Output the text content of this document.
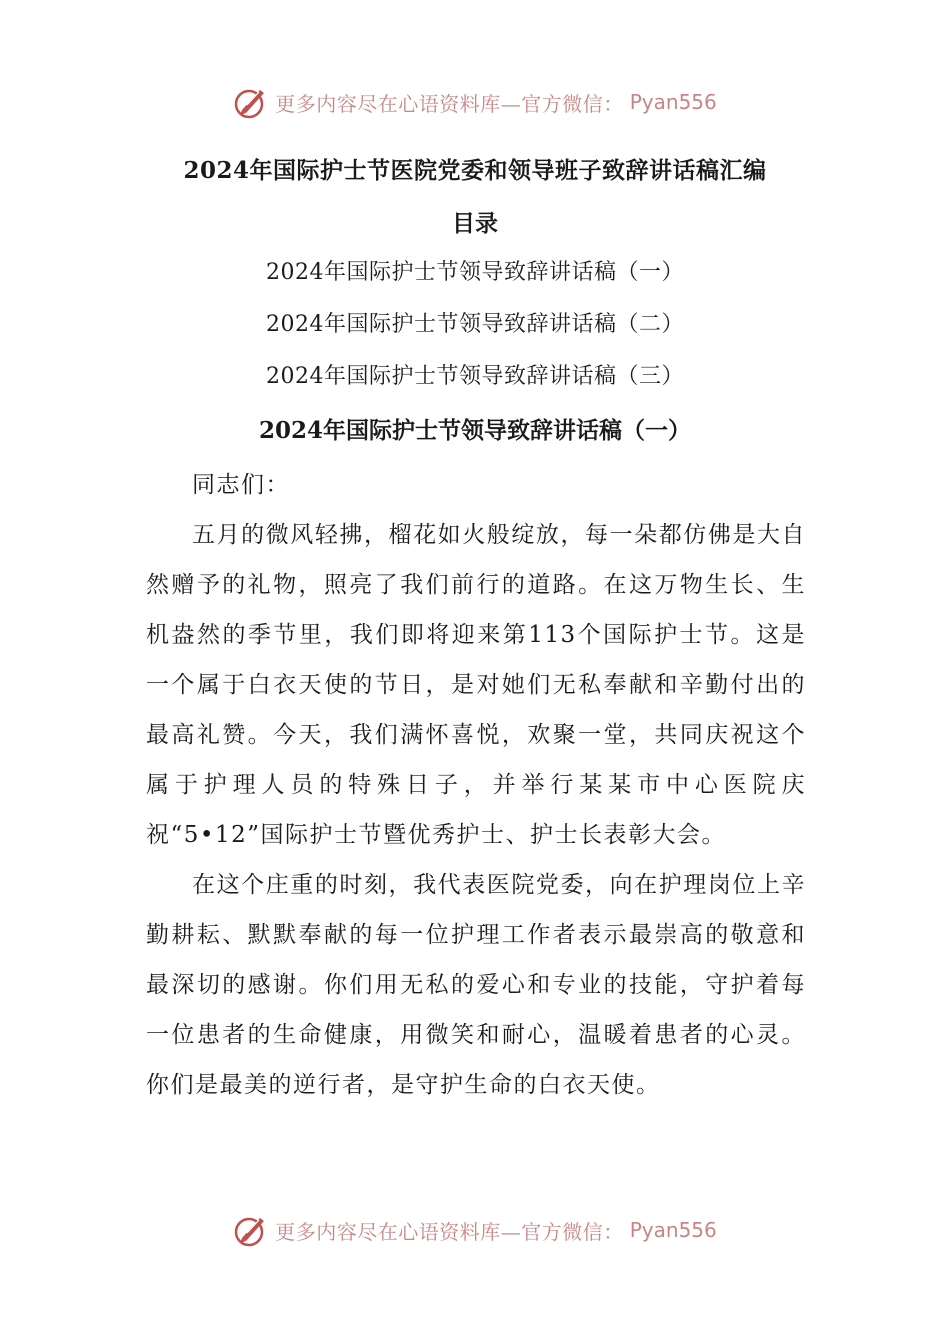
更多内容尽在心语资料库—官方微信： Pyan556
2024年国际护士节医院党委和领导班子致辞讲话稿汇编
目录
2024年国际护士节领导致辞讲话稿（一）
2024年国际护士节领导致辞讲话稿（二）
2024年国际护士节领导致辞讲话稿（三）
2024年国际护士节领导致辞讲话稿（一）

同志们：

五月的微风轻拂，榴花如火般绽放，每一朵都仿佛是大自然赠予的礼物，照亮了我们前行的道路。在这万物生长、生机盎然的季节里，我们即将迎来第113个国际护士节。这是一个属于白衣天使的节日，是对她们无私奉献和辛勤付出的最高礼赞。今天，我们满怀喜悦，欢聚一堂，共同庆祝这个属于护理人员的特殊日子，并举行某某市中心医院庆祝“5•12”国际护士节暨优秀护士、护士长表彰大会。

在这个庄重的时刻，我代表医院党委，向在护理岗位上辛勤耕耘、默默奉献的每一位护理工作者表示最崇高的敬意和最深切的感谢。你们用无私的爱心和专业的技能，守护着每一位患者的生命健康，用微笑和耐心，温暖着患者的心灵。你们是最美的逆行者，是守护生命的白衣天使。

更多内容尽在心语资料库—官方微信： Pyan556
